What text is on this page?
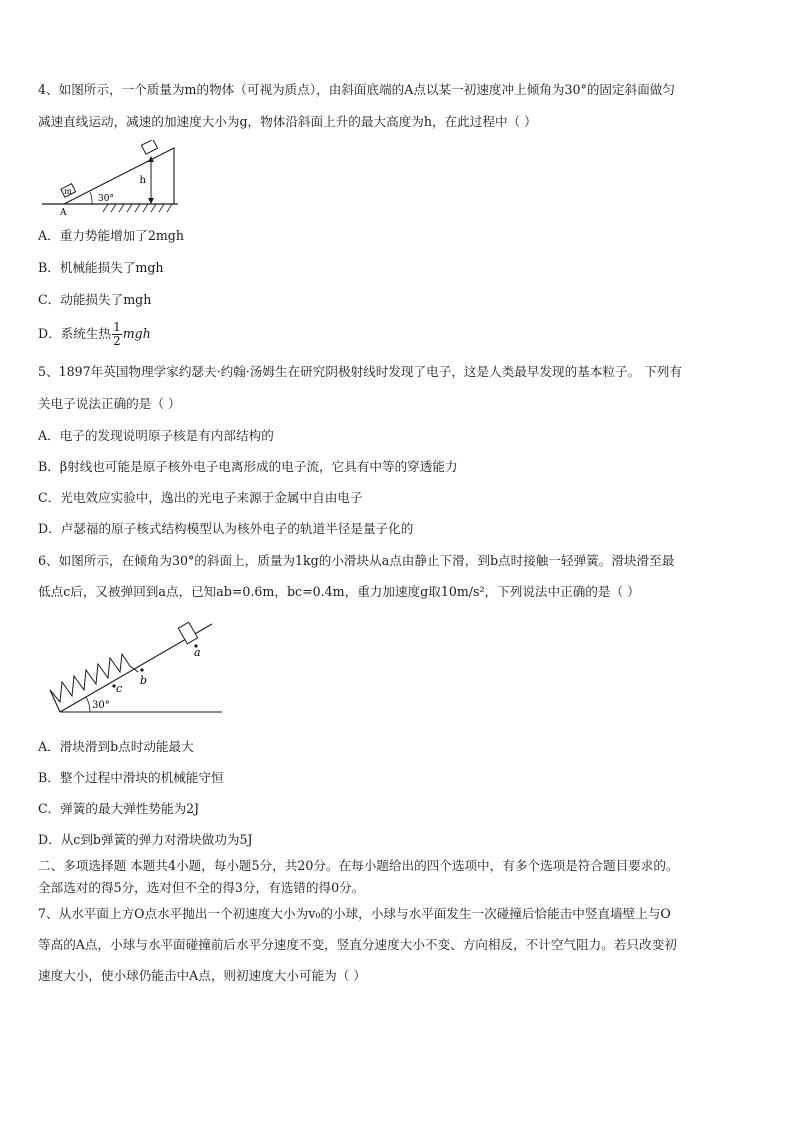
4、如图所示，一个质量为m的物体（可视为质点），由斜面底端的A点以某一初速度冲上倾角为30°的固定斜面做匀
减速直线运动，减速的加速度大小为g，物体沿斜面上升的最大高度为h，在此过程中（ ）
m
h
30°
A
A．重力势能增加了2mgh
B．机械能损失了mgh
C．动能损失了mgh
D．系统生热 $\frac{1}{2}$ mgh
5、1897年英国物理学家约瑟夫·约翰·汤姆生在研究阴极射线时发现了电子，这是人类最早发现的基本粒子。 下列有
关电子说法正确的是（ ）
A．电子的发现说明原子核是有内部结构的
B．β射线也可能是原子核外电子电离形成的电子流，它具有中等的穿透能力
C．光电效应实验中，逸出的光电子来源于金属中自由电子
D．卢瑟福的原子核式结构模型认为核外电子的轨道半径是量子化的
6、如图所示，在倾角为30°的斜面上，质量为1kg的小滑块从a点由静止下滑，到b点时接触一轻弹簧。滑块滑至最
低点c后，又被弹回到a点，已知ab=0.6m，bc=0.4m，重力加速度g取10m/s²，下列说法中正确的是（ ）
a
b
c
30°
A．滑块滑到b点时动能最大
B．整个过程中滑块的机械能守恒
C．弹簧的最大弹性势能为2J
D．从c到b弹簧的弹力对滑块做功为5J
二、多项选择题 本题共4小题，每小题5分，共20分。在每小题给出的四个选项中，有多个选项是符合题目要求的。
全部选对的得5分，选对但不全的得3分，有选错的得0分。
7、从水平面上方O点水平抛出一个初速度大小为v₀的小球，小球与水平面发生一次碰撞后恰能击中竖直墙壁上与O
等高的A点，小球与水平面碰撞前后水平分速度不变，竖直分速度大小不变、方向相反，不计空气阻力。若只改变初
速度大小，使小球仍能击中A点，则初速度大小可能为（ ）
